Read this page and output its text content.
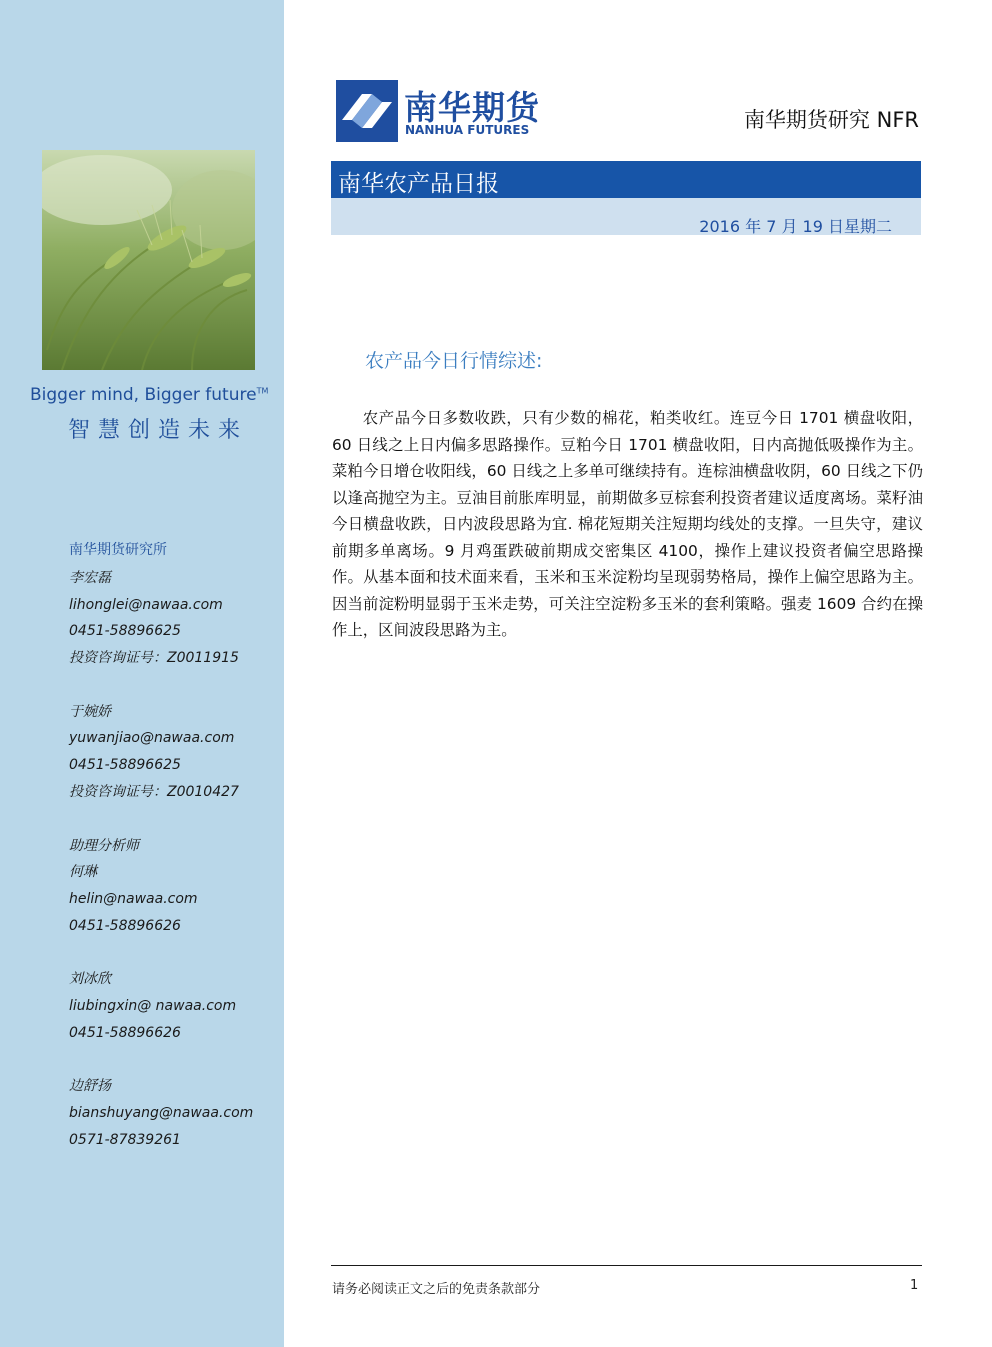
Bigger mind, Bigger future™
智慧创造未来
南华期货研究所
李宏磊
lihonglei@nawaa.com
0451-58896625
投资咨询证号：Z0011915
于婉娇
yuwanjiao@nawaa.com
0451-58896625
投资咨询证号：Z0010427
助理分析师
何琳
helin@nawaa.com
0451-58896626
刘冰欣
liubingxin@ nawaa.com
0451-58896626
边舒扬
bianshuyang@nawaa.com
0571-87839261
南华期货
NANHUA FUTURES	南华期货研究 NFR
南华农产品日报
2016 年 7 月 19 日星期二
农产品今日行情综述:
农产品今日多数收跌，只有少数的棉花，粕类收红。连豆今日 1701 横盘收阳，60 日线之上日内偏多思路操作。豆粕今日 1701 横盘收阳，日内高抛低吸操作为主。菜粕今日增仓收阳线，60 日线之上多单可继续持有。连棕油横盘收阴，60 日线之下仍以逢高抛空为主。豆油目前胀库明显，前期做多豆棕套利投资者建议适度离场。菜籽油今日横盘收跌，日内波段思路为宜. 棉花短期关注短期均线处的支撑。一旦失守，建议前期多单离场。9 月鸡蛋跌破前期成交密集区 4100，操作上建议投资者偏空思路操作。从基本面和技术面来看，玉米和玉米淀粉均呈现弱势格局，操作上偏空思路为主。因当前淀粉明显弱于玉米走势，可关注空淀粉多玉米的套利策略。强麦 1609 合约在操作上，区间波段思路为主。
请务必阅读正文之后的免责条款部分	1
